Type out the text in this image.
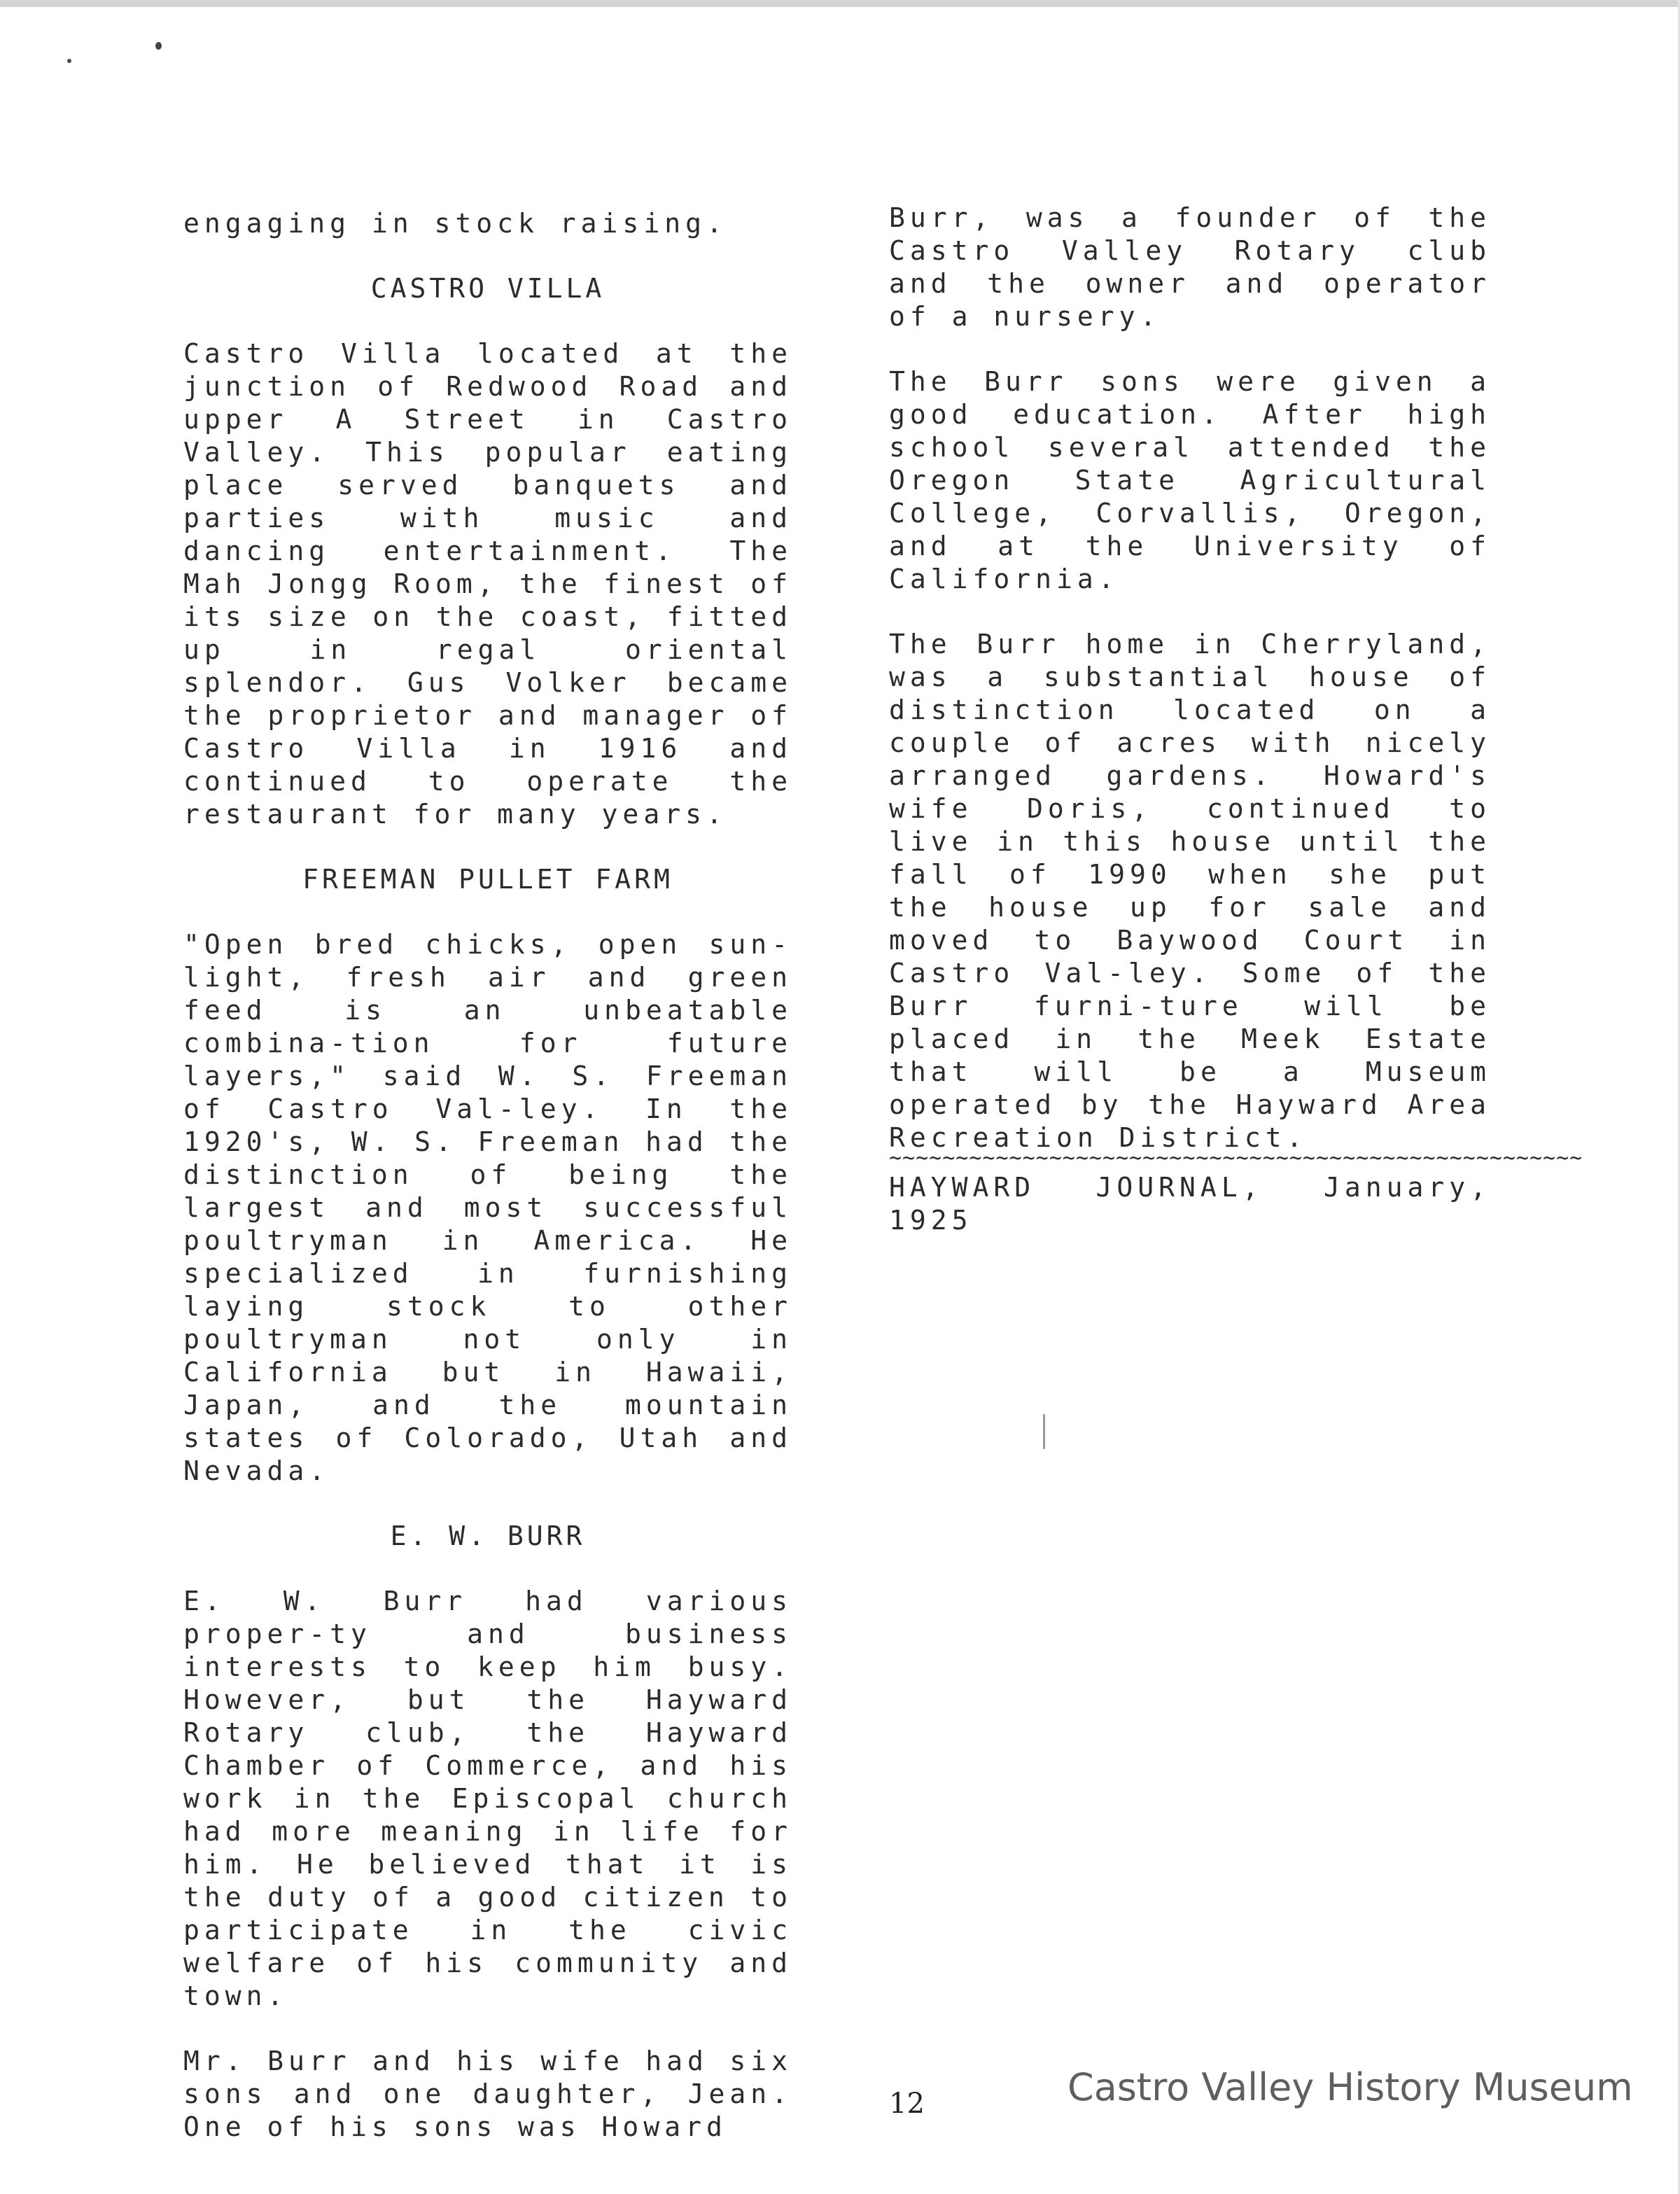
engaging in stock raising.

CASTRO VILLA

Castro Villa located at the junction of Redwood Road and upper A Street in Castro Valley. This popular eating place served banquets and parties with music and dancing entertainment. The Mah Jongg Room, the finest of its size on the coast, fitted up in regal oriental splendor. Gus Volker became the proprietor and manager of Castro Villa in 1916 and continued to operate the restaurant for many years.

FREEMAN PULLET FARM

"Open bred chicks, open sun-light, fresh air and green feed is an unbeatable combina-tion for future layers," said W. S. Freeman of Castro Val-ley. In the 1920's, W. S. Freeman had the distinction of being the largest and most successful poultryman in America. He specialized in furnishing laying stock to other poultryman not only in California but in Hawaii, Japan, and the mountain states of Colorado, Utah and Nevada.

E. W. BURR

E. W. Burr had various proper-ty and business interests to keep him busy. However, but the Hayward Rotary club, the Hayward Chamber of Commerce, and his work in the Episcopal church had more meaning in life for him. He believed that it is the duty of a good citizen to participate in the civic welfare of his community and town.

Mr. Burr and his wife had six sons and one daughter, Jean. One of his sons was Howard

Burr, was a founder of the Castro Valley Rotary club and the owner and operator of a nursery.

The Burr sons were given a good education. After high school several attended the Oregon State Agricultural College, Corvallis, Oregon, and at the University of California.

The Burr home in Cherryland, was a substantial house of distinction located on a couple of acres with nicely arranged gardens. Howard's wife Doris, continued to live in this house until the fall of 1990 when she put the house up for sale and moved to Baywood Court in Castro Val-ley. Some of the Burr furni-ture will be placed in the Meek Estate that will be a Museum operated by the Hayward Area Recreation District.

~~~~~~~~~~~~~~~~~~~~~~~~~~~~~~~~~~~~~~~~~~~~~~~~~~~~

HAYWARD JOURNAL, January, 1925

12	Castro Valley History Museum
